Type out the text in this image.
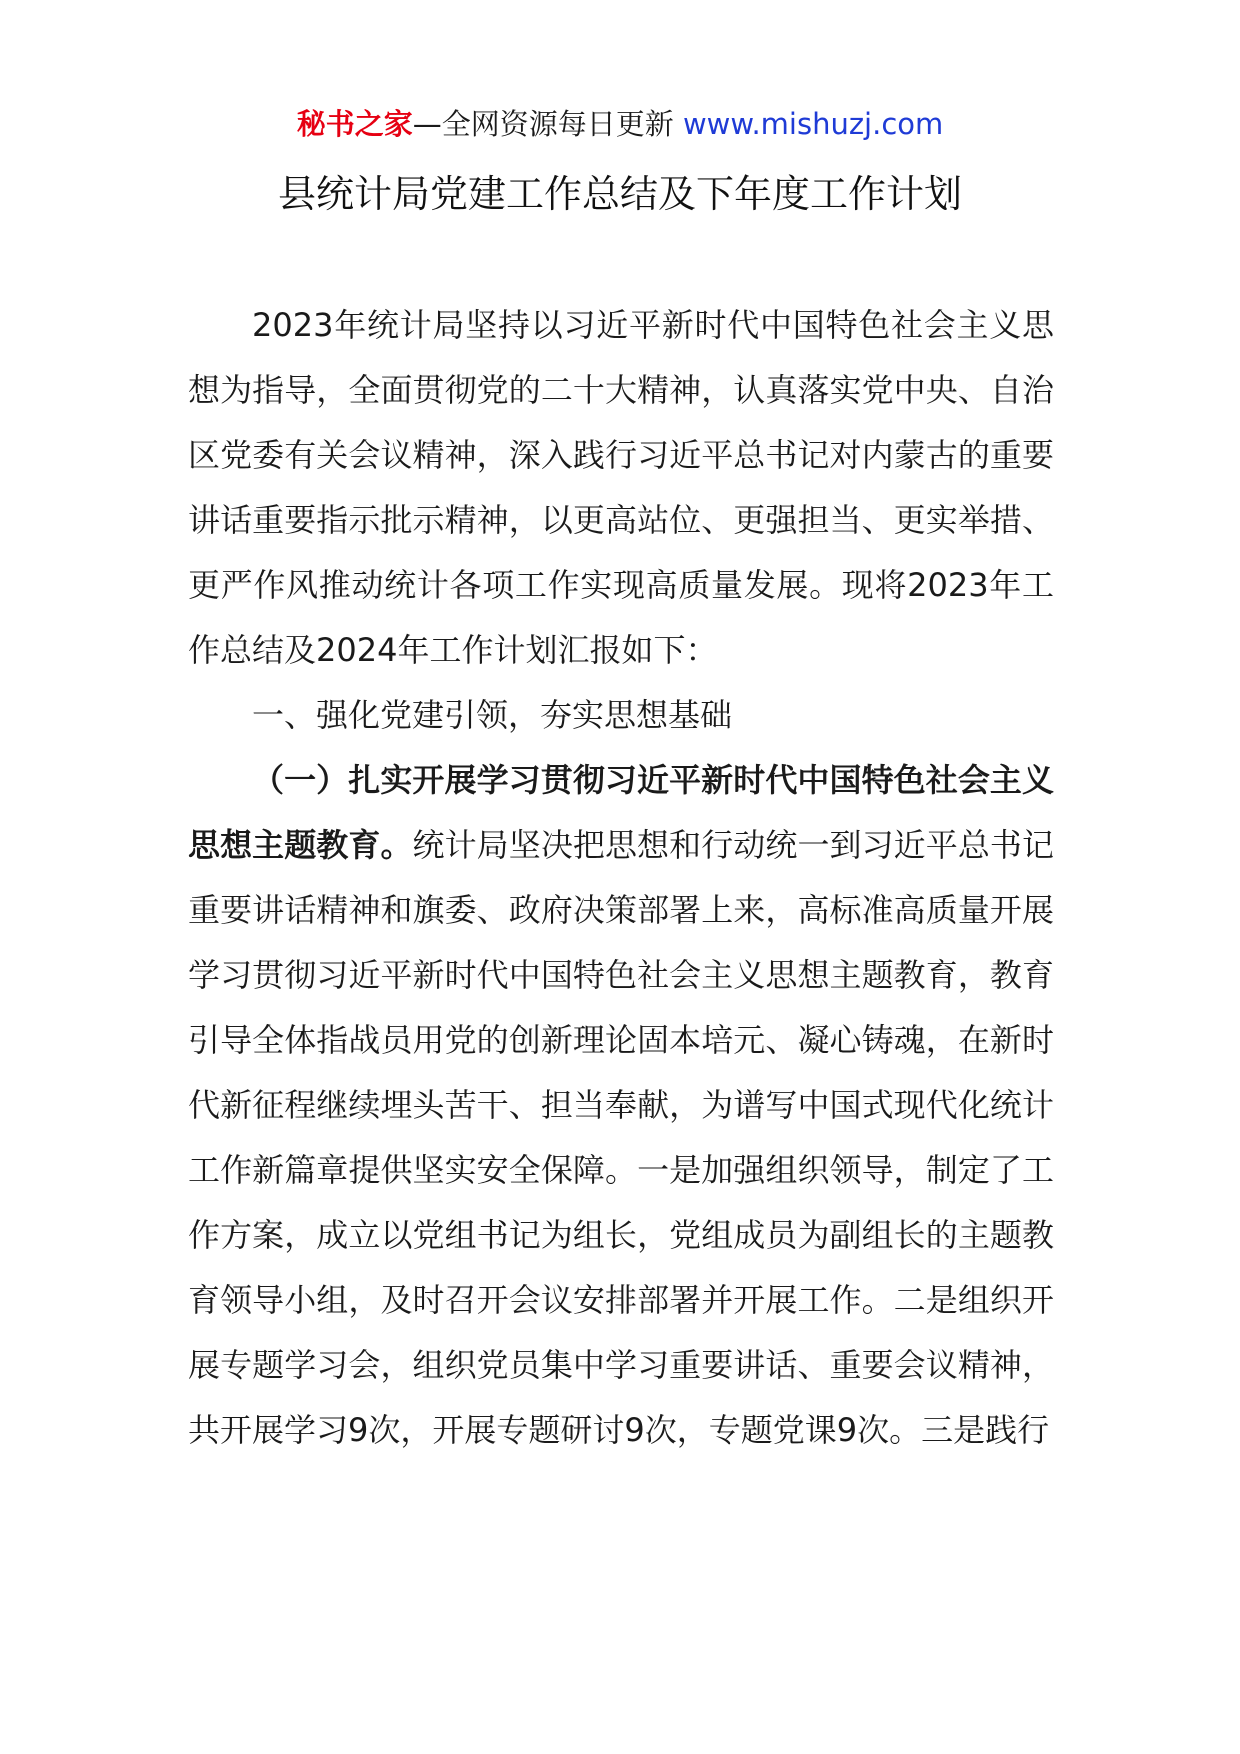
秘书之家—全网资源每日更新 www.mishuzj.com
县统计局党建工作总结及下年度工作计划

2023年统计局坚持以习近平新时代中国特色社会主义思想为指导，全面贯彻党的二十大精神，认真落实党中央、自治区党委有关会议精神，深入践行习近平总书记对内蒙古的重要讲话重要指示批示精神，以更高站位、更强担当、更实举措、更严作风推动统计各项工作实现高质量发展。现将2023年工作总结及2024年工作计划汇报如下：

一、强化党建引领，夯实思想基础

（一）扎实开展学习贯彻习近平新时代中国特色社会主义思想主题教育。统计局坚决把思想和行动统一到习近平总书记重要讲话精神和旗委、政府决策部署上来，高标准高质量开展学习贯彻习近平新时代中国特色社会主义思想主题教育，教育引导全体指战员用党的创新理论固本培元、凝心铸魂，在新时代新征程继续埋头苦干、担当奉献，为谱写中国式现代化统计工作新篇章提供坚实安全保障。一是加强组织领导，制定了工作方案，成立以党组书记为组长，党组成员为副组长的主题教育领导小组，及时召开会议安排部署并开展工作。二是组织开展专题学习会，组织党员集中学习重要讲话、重要会议精神，共开展学习9次，开展专题研讨9次，专题党课9次。三是践行
